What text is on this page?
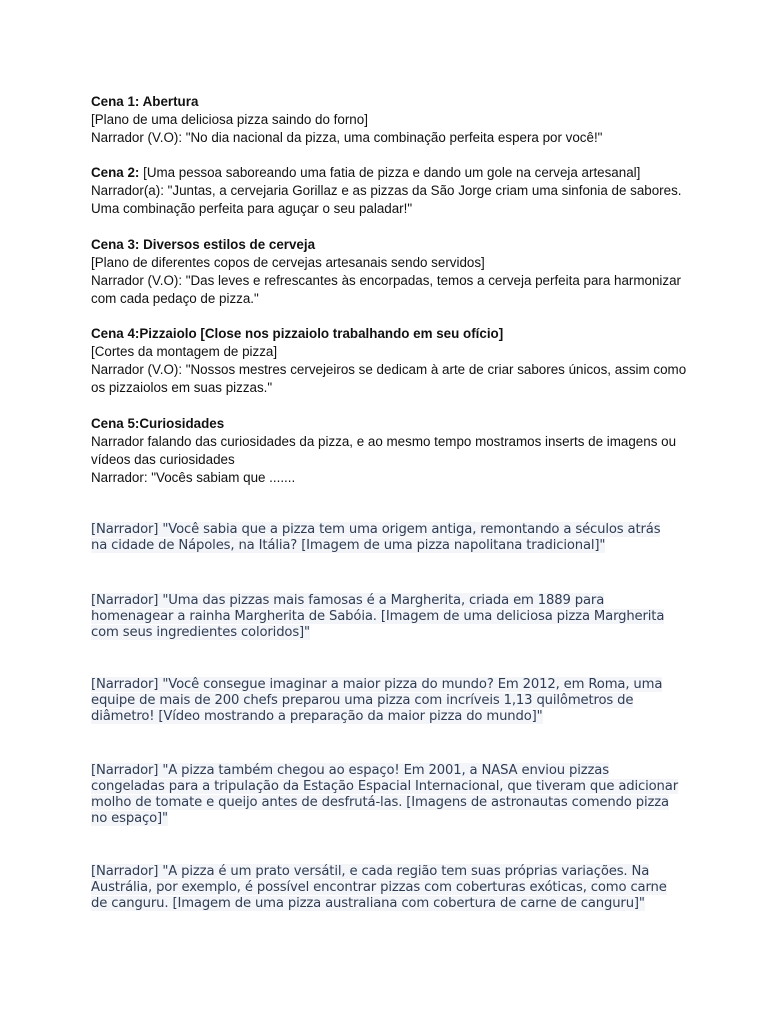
Cena 1: Abertura

[Plano de uma deliciosa pizza saindo do forno]

Narrador (V.O): "No dia nacional da pizza, uma combinação perfeita espera por você!"

Cena 2: [Uma pessoa saboreando uma fatia de pizza e dando um gole na cerveja artesanal]

Narrador(a): "Juntas, a cervejaria Gorillaz e as pizzas da São Jorge criam uma sinfonia de sabores. Uma combinação perfeita para aguçar o seu paladar!"

Cena 3: Diversos estilos de cerveja

[Plano de diferentes copos de cervejas artesanais sendo servidos]

Narrador (V.O): "Das leves e refrescantes às encorpadas, temos a cerveja perfeita para harmonizar com cada pedaço de pizza."

Cena 4:Pizzaiolo [Close nos pizzaiolo trabalhando em seu ofício]

[Cortes da montagem de pizza]

Narrador (V.O): "Nossos mestres cervejeiros se dedicam à arte de criar sabores únicos, assim como os pizzaiolos em suas pizzas."

Cena 5:Curiosidades

Narrador falando das curiosidades da pizza, e ao mesmo tempo mostramos inserts de imagens ou vídeos das curiosidades

Narrador: "Vocês sabiam que .......

[Narrador] "Você sabia que a pizza tem uma origem antiga, remontando a séculos atrás na cidade de Nápoles, na Itália? [Imagem de uma pizza napolitana tradicional]"
[Narrador] "Uma das pizzas mais famosas é a Margherita, criada em 1889 para homenagear a rainha Margherita de Sabóia. [Imagem de uma deliciosa pizza Margherita com seus ingredientes coloridos]"
[Narrador] "Você consegue imaginar a maior pizza do mundo? Em 2012, em Roma, uma equipe de mais de 200 chefs preparou uma pizza com incríveis 1,13 quilômetros de diâmetro! [Vídeo mostrando a preparação da maior pizza do mundo]"
[Narrador] "A pizza também chegou ao espaço! Em 2001, a NASA enviou pizzas congeladas para a tripulação da Estação Espacial Internacional, que tiveram que adicionar molho de tomate e queijo antes de desfrutá-las. [Imagens de astronautas comendo pizza no espaço]"
[Narrador] "A pizza é um prato versátil, e cada região tem suas próprias variações. Na Austrália, por exemplo, é possível encontrar pizzas com coberturas exóticas, como carne de canguru. [Imagem de uma pizza australiana com cobertura de carne de canguru]"
